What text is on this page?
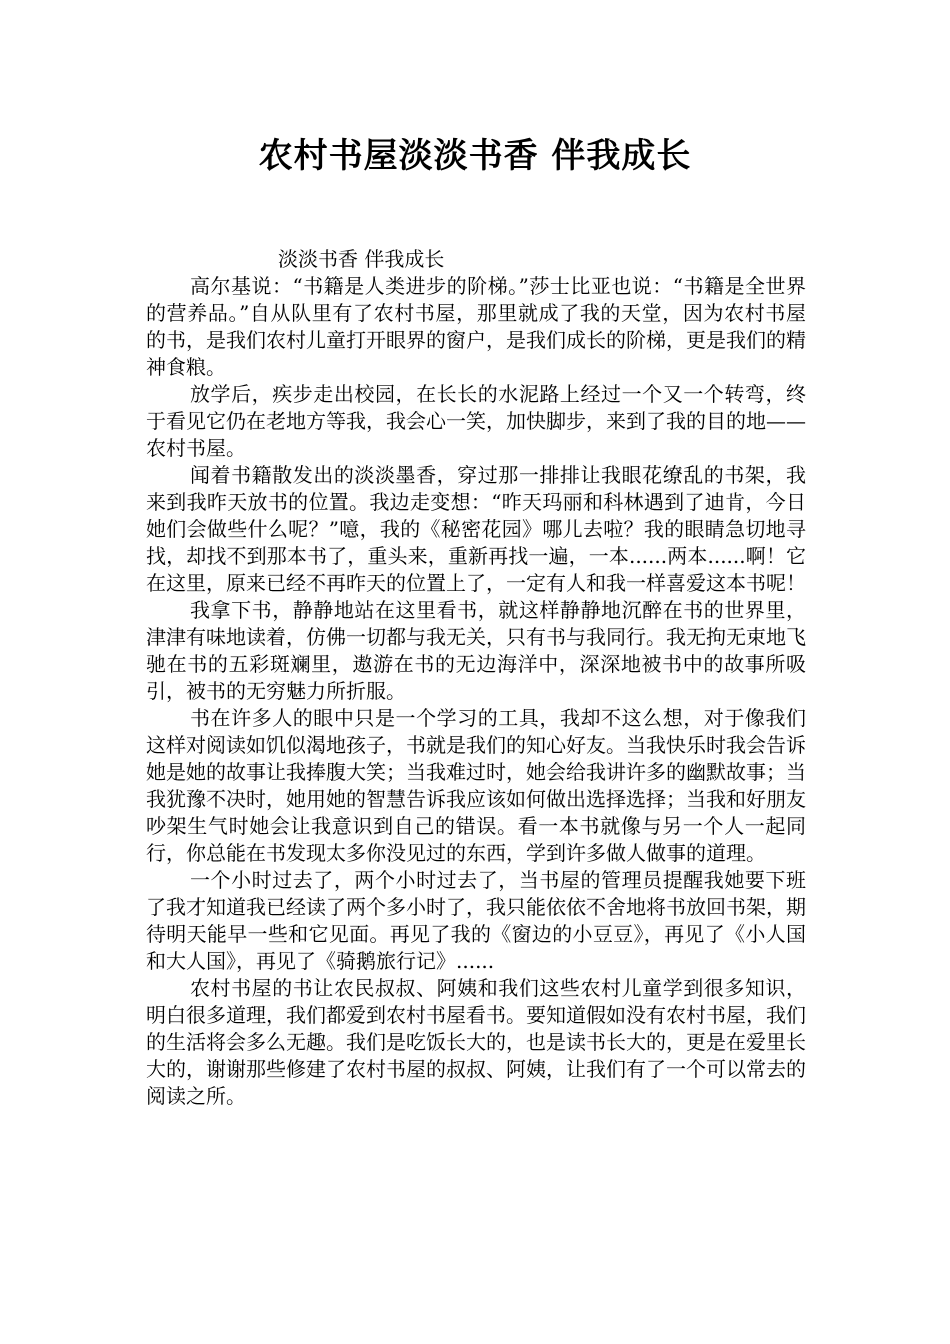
农村书屋淡淡书香 伴我成长

淡淡书香 伴我成长

高尔基说：“书籍是人类进步的阶梯。”莎士比亚也说：“书籍是全世界的营养品。”自从队里有了农村书屋，那里就成了我的天堂，因为农村书屋的书，是我们农村儿童打开眼界的窗户，是我们成长的阶梯，更是我们的精神食粮。

放学后，疾步走出校园，在长长的水泥路上经过一个又一个转弯，终于看见它仍在老地方等我，我会心一笑，加快脚步，来到了我的目的地——农村书屋。

闻着书籍散发出的淡淡墨香，穿过那一排排让我眼花缭乱的书架，我来到我昨天放书的位置。我边走变想：“昨天玛丽和科林遇到了迪肯，今日她们会做些什么呢？”噫，我的《秘密花园》哪儿去啦？我的眼睛急切地寻找，却找不到那本书了，重头来，重新再找一遍，一本......两本......啊！它在这里，原来已经不再昨天的位置上了，一定有人和我一样喜爱这本书呢！

我拿下书，静静地站在这里看书，就这样静静地沉醉在书的世界里，津津有味地读着，仿佛一切都与我无关，只有书与我同行。我无拘无束地飞驰在书的五彩斑斓里，遨游在书的无边海洋中，深深地被书中的故事所吸引，被书的无穷魅力所折服。

书在许多人的眼中只是一个学习的工具，我却不这么想，对于像我们这样对阅读如饥似渴地孩子，书就是我们的知心好友。当我快乐时我会告诉她是她的故事让我捧腹大笑；当我难过时，她会给我讲许多的幽默故事；当我犹豫不决时，她用她的智慧告诉我应该如何做出选择选择；当我和好朋友吵架生气时她会让我意识到自己的错误。看一本书就像与另一个人一起同行，你总能在书发现太多你没见过的东西，学到许多做人做事的道理。

一个小时过去了，两个小时过去了，当书屋的管理员提醒我她要下班了我才知道我已经读了两个多小时了，我只能依依不舍地将书放回书架，期待明天能早一些和它见面。再见了我的《窗边的小豆豆》，再见了《小人国和大人国》，再见了《骑鹅旅行记》......

农村书屋的书让农民叔叔、阿姨和我们这些农村儿童学到很多知识，明白很多道理，我们都爱到农村书屋看书。要知道假如没有农村书屋，我们的生活将会多么无趣。我们是吃饭长大的，也是读书长大的，更是在爱里长大的，谢谢那些修建了农村书屋的叔叔、阿姨，让我们有了一个可以常去的阅读之所。
